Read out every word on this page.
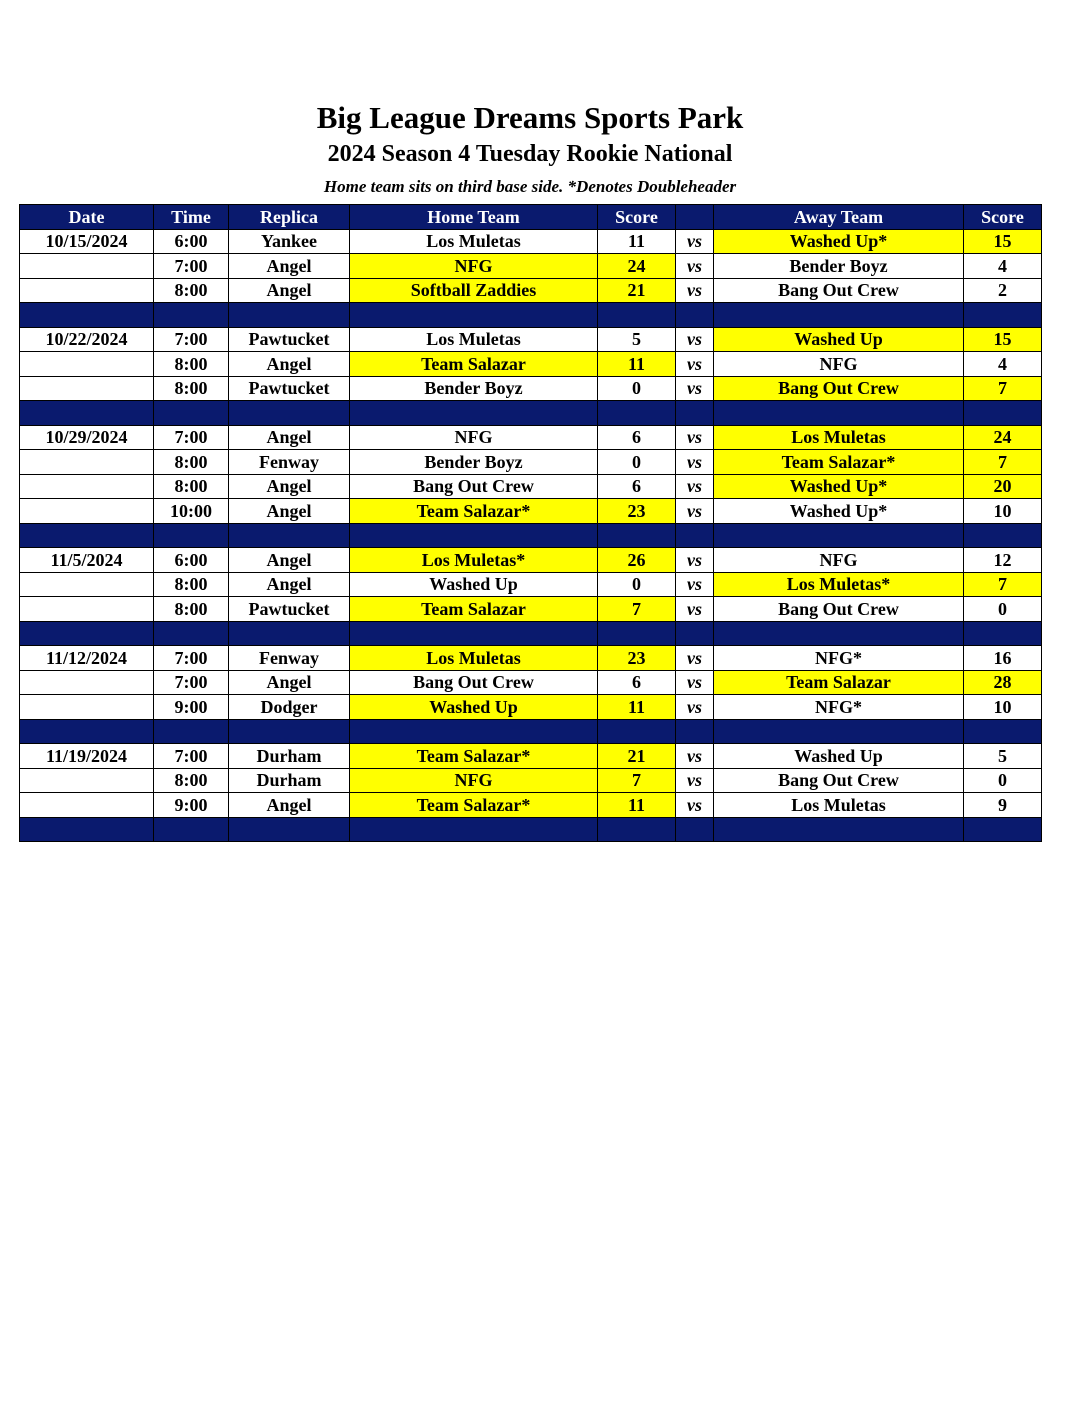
Big League Dreams Sports Park
2024 Season 4 Tuesday Rookie National
Home team sits on third base side. *Denotes Doubleheader
Date	Time	Replica	Home Team	Score		Away Team	Score
10/15/2024	6:00	Yankee	Los Muletas	11	vs	Washed Up*	15
	7:00	Angel	NFG	24	vs	Bender Boyz	4
	8:00	Angel	Softball Zaddies	21	vs	Bang Out Crew	2

10/22/2024	7:00	Pawtucket	Los Muletas	5	vs	Washed Up	15
	8:00	Angel	Team Salazar	11	vs	NFG	4
	8:00	Pawtucket	Bender Boyz	0	vs	Bang Out Crew	7

10/29/2024	7:00	Angel	NFG	6	vs	Los Muletas	24
	8:00	Fenway	Bender Boyz	0	vs	Team Salazar*	7
	8:00	Angel	Bang Out Crew	6	vs	Washed Up*	20
	10:00	Angel	Team Salazar*	23	vs	Washed Up*	10

11/5/2024	6:00	Angel	Los Muletas*	26	vs	NFG	12
	8:00	Angel	Washed Up	0	vs	Los Muletas*	7
	8:00	Pawtucket	Team Salazar	7	vs	Bang Out Crew	0

11/12/2024	7:00	Fenway	Los Muletas	23	vs	NFG*	16
	7:00	Angel	Bang Out Crew	6	vs	Team Salazar	28
	9:00	Dodger	Washed Up	11	vs	NFG*	10

11/19/2024	7:00	Durham	Team Salazar*	21	vs	Washed Up	5
	8:00	Durham	NFG	7	vs	Bang Out Crew	0
	9:00	Angel	Team Salazar*	11	vs	Los Muletas	9
